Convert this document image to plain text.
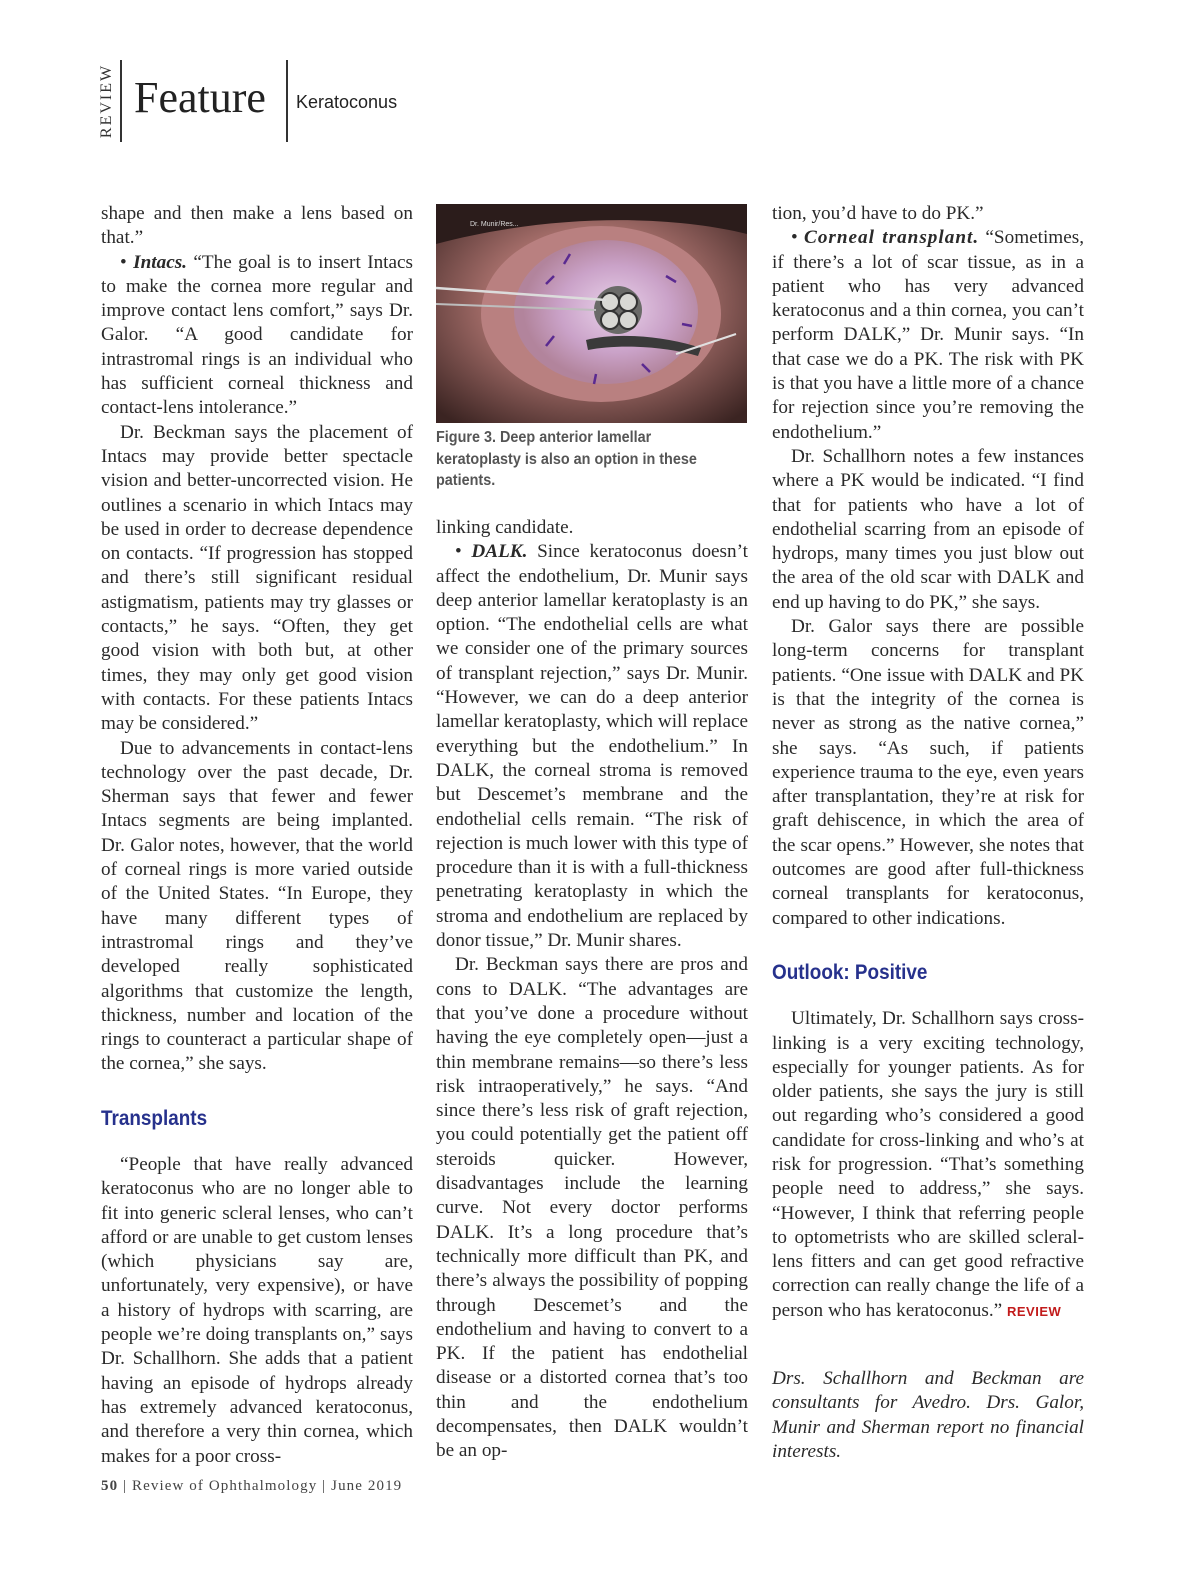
REVIEW Feature Keratoconus

shape and then make a lens based on that.”

• Intacs. “The goal is to insert Intacs to make the cornea more regular and improve contact lens comfort,” says Dr. Galor. “A good candidate for intrastromal rings is an individual who has sufficient corneal thickness and contact-lens intolerance.”

Dr. Beckman says the placement of Intacs may provide better spectacle vision and better-uncorrected vision. He outlines a scenario in which Intacs may be used in order to decrease dependence on contacts. “If progression has stopped and there’s still significant residual astigmatism, patients may try glasses or contacts,” he says. “Often, they get good vision with both but, at other times, they may only get good vision with contacts. For these patients Intacs may be considered.”

Due to advancements in contact-lens technology over the past decade, Dr. Sherman says that fewer and fewer Intacs segments are being implanted. Dr. Galor notes, however, that the world of corneal rings is more varied outside of the United States. “In Europe, they have many different types of intrastromal rings and they’ve developed really sophisticated algorithms that customize the length, thickness, number and location of the rings to counteract a particular shape of the cornea,” she says.

Transplants

“People that have really advanced keratoconus who are no longer able to fit into generic scleral lenses, who can’t afford or are unable to get custom lenses (which physicians say are, unfortunately, very expensive), or have a history of hydrops with scarring, are people we’re doing transplants on,” says Dr. Schallhorn. She adds that a patient having an episode of hydrops already has extremely advanced keratoconus, and therefore a very thin cornea, which makes for a poor cross-

Dr. Munir/Res...
Figure 3. Deep anterior lamellar keratoplasty is also an option in these patients.

linking candidate.

• DALK. Since keratoconus doesn’t affect the endothelium, Dr. Munir says deep anterior lamellar keratoplasty is an option. “The endothelial cells are what we consider one of the primary sources of transplant rejection,” says Dr. Munir. “However, we can do a deep anterior lamellar keratoplasty, which will replace everything but the endothelium.” In DALK, the corneal stroma is removed but Descemet’s membrane and the endothelial cells remain. “The risk of rejection is much lower with this type of procedure than it is with a full-thickness penetrating keratoplasty in which the stroma and endothelium are replaced by donor tissue,” Dr. Munir shares.

Dr. Beckman says there are pros and cons to DALK. “The advantages are that you’ve done a procedure without having the eye completely open—just a thin membrane remains—so there’s less risk intraoperatively,” he says. “And since there’s less risk of graft rejection, you could potentially get the patient off steroids quicker. However, disadvantages include the learning curve. Not every doctor performs DALK. It’s a long procedure that’s technically more difficult than PK, and there’s always the possibility of popping through Descemet’s and the endothelium and having to convert to a PK. If the patient has endothelial disease or a distorted cornea that’s too thin and the endothelium decompensates, then DALK wouldn’t be an op-

tion, you’d have to do PK.”

• Corneal transplant. “Sometimes, if there’s a lot of scar tissue, as in a patient who has very advanced keratoconus and a thin cornea, you can’t perform DALK,” Dr. Munir says. “In that case we do a PK. The risk with PK is that you have a little more of a chance for rejection since you’re removing the endothelium.”

Dr. Schallhorn notes a few instances where a PK would be indicated. “I find that for patients who have a lot of endothelial scarring from an episode of hydrops, many times you just blow out the area of the old scar with DALK and end up having to do PK,” she says.

Dr. Galor says there are possible long-term concerns for transplant patients. “One issue with DALK and PK is that the integrity of the cornea is never as strong as the native cornea,” she says. “As such, if patients experience trauma to the eye, even years after transplantation, they’re at risk for graft dehiscence, in which the area of the scar opens.” However, she notes that outcomes are good after full-thickness corneal transplants for keratoconus, compared to other indications.

Outlook: Positive

Ultimately, Dr. Schallhorn says cross-linking is a very exciting technology, especially for younger patients. As for older patients, she says the jury is still out regarding who’s considered a good candidate for cross-linking and who’s at risk for progression. “That’s something people need to address,” she says. “However, I think that referring people to optometrists who are skilled scleral-lens fitters and can get good refractive correction can really change the life of a person who has keratoconus.” REVIEW

Drs. Schallhorn and Beckman are consultants for Avedro. Drs. Galor, Munir and Sherman report no financial interests.
50 | Review of Ophthalmology | June 2019
